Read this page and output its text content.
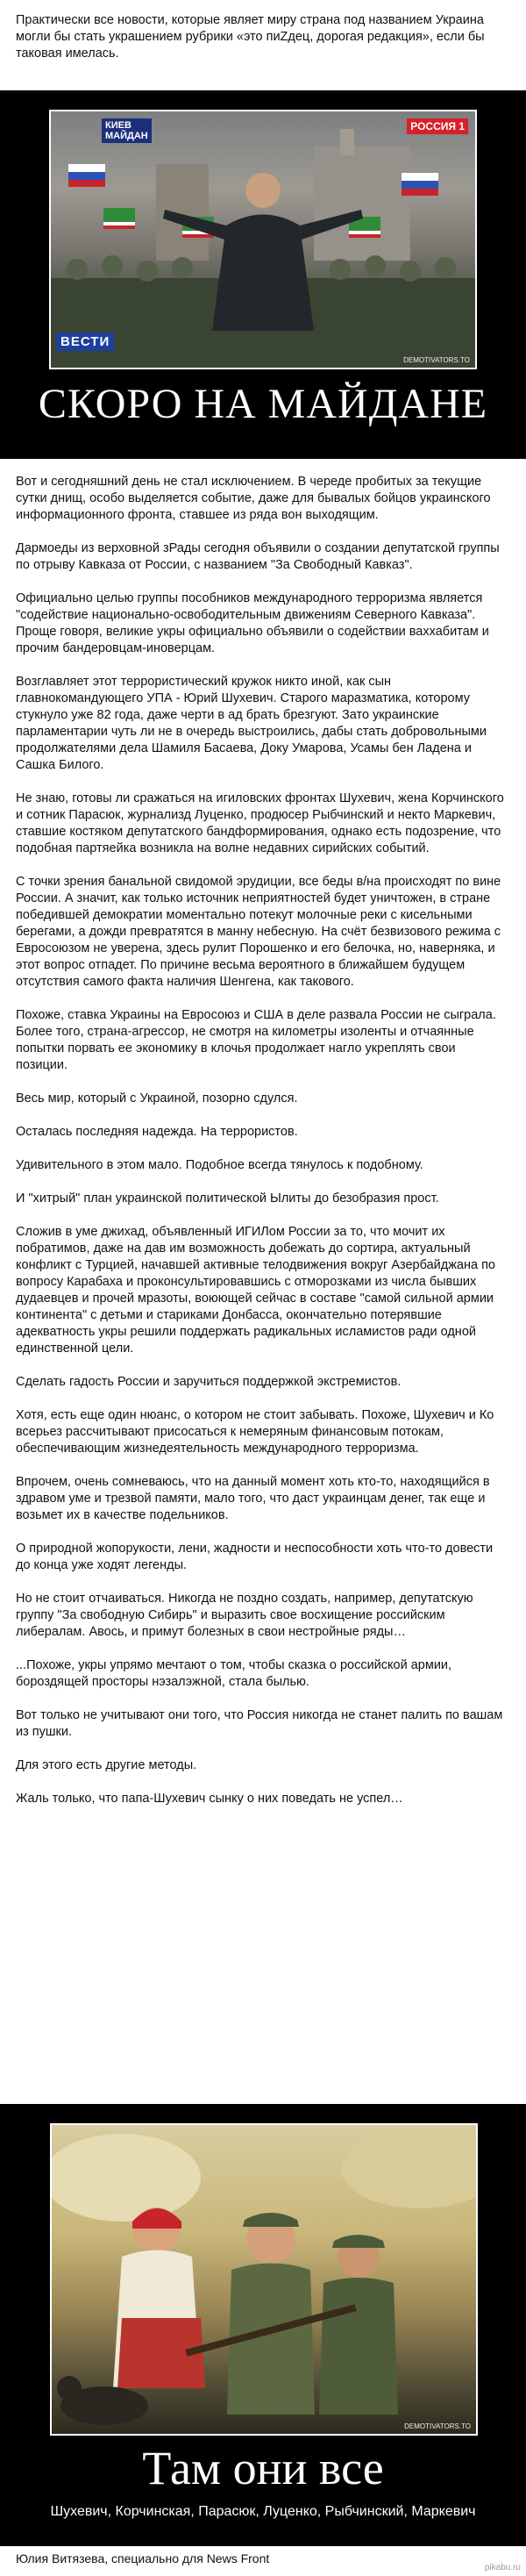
Практически все новости, которые являет миру страна под названием Украина могли бы стать украшением рубрики «это пиZдец, дорогая редакция», если бы таковая имелась.
КИЕВ
МАЙДАН
РОССИЯ 1
ВЕСТИ
DEMOTIVATORS.TO
СКОРО НА МАЙДАНЕ

Вот и сегодняшний день не стал исключением. В череде пробитых за текущие сутки днищ, особо выделяется событие, даже для бывалых бойцов украинского информационного фронта, ставшее из ряда вон выходящим.

Дармоеды из верховной зРады сегодня объявили о создании депутатской группы по отрыву Кавказа от России, с названием "За Свободный Кавказ".

Официально целью группы пособников международного терроризма является "содействие национально-освободительным движениям Северного Кавказа". Проще говоря, великие укры официально объявили о содействии ваххабитам и прочим бандеровцам-иноверцам.

Возглавляет этот террористический кружок никто иной, как сын главнокомандующего УПА - Юрий Шухевич. Старого маразматика, которому стукнуло уже 82 года, даже черти в ад брать брезгуют. Зато украинские парламентарии чуть ли не в очередь выстроились, дабы стать добровольными продолжателями дела Шамиля Басаева, Доку Умарова, Усамы бен Ладена и Сашка Билого.

Не знаю, готовы ли сражаться на игиловских фронтах Шухевич, жена Корчинского и сотник Парасюк, журнализд Луценко, продюсер Рыбчинский и некто Маркевич, ставшие костяком депутатского бандформирования, однако есть подозрение, что подобная партяейка возникла на волне недавних сирийских событий.

С точки зрения банальной свидомой эрудиции, все беды в/на происходят по вине России. А значит, как только источник неприятностей будет уничтожен, в стране победившей демократии моментально потекут молочные реки с кисельными берегами, а дожди превратятся в манну небесную. На счёт безвизового режима с Евросоюзом не уверена, здесь рулит Порошенко и его белочка, но, наверняка, и этот вопрос отпадет. По причине весьма вероятного в ближайшем будущем отсутствия самого факта наличия Шенгена, как такового.

Похоже, ставка Украины на Евросоюз и США в деле развала России не сыграла. Более того, страна-агрессор, не смотря на километры изоленты и отчаянные попытки порвать ее экономику в клочья продолжает нагло укреплять свои позиции.

Весь мир, который с Украиной, позорно сдулся.

Осталась последняя надежда. На террористов.

Удивительного в этом мало. Подобное всегда тянулось к подобному.

И "хитрый" план украинской политической Ылиты до безобразия прост.

Сложив в уме джихад, объявленный ИГИЛом России за то, что мочит их побратимов, даже на дав им возможность добежать до сортира, актуальный конфликт с Турцией, начавшей активные телодвижения вокруг Азербайджана по вопросу Карабаха и проконсультировавшись с отморозками из числа бывших дудаевцев и прочей мразоты, воюющей сейчас в составе "самой сильной армии континента" с детьми и стариками Донбасса, окончательно потерявшие адекватность укры решили поддержать радикальных исламистов ради одной единственной цели.

Сделать гадость России и заручиться поддержкой экстремистов.

Хотя, есть еще один нюанс, о котором не стоит забывать. Похоже, Шухевич и Ко всерьез рассчитывают присосаться к немеряным финансовым потокам, обеспечивающим жизнедеятельность международного терроризма.

Впрочем, очень сомневаюсь, что на данный момент хоть кто-то, находящийся в здравом уме и трезвой памяти, мало того, что даст украинцам денег, так еще и возьмет их в качестве подельников.

О природной жопорукости, лени, жадности и неспособности хоть что-то довести до конца уже ходят легенды.

Но не стоит отчаиваться. Никогда не поздно создать, например, депутатскую группу "За свободную Сибирь" и выразить свое восхищение российским либералам. Авось, и примут болезных в свои нестройные ряды…

...Похоже, укры упрямо мечтают о том, чтобы сказка о российской армии, бороздящей просторы нэзалэжной, стала былью.

Вот только не учитывают они того, что Россия никогда не станет палить по вашам из пушки.

Для этого есть другие методы.

Жаль только, что папа-Шухевич сынку о них поведать не успел…

DEMOTIVATORS.TO
Там они все
Шухевич, Корчинская, Парасюк, Луценко, Рыбчинский, Маркевич
Юлия Витязева, специально для News Front
pikabu.ru
